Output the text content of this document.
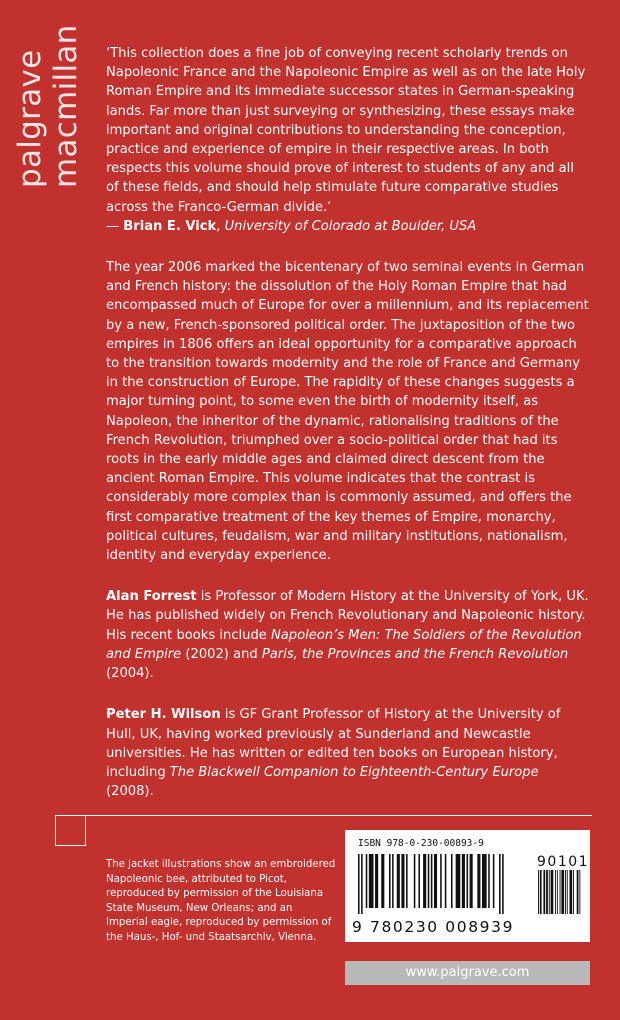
palgrave macmillan ‘This collection does a fine job of conveying recent scholarly trends on Napoleonic France and the Napoleonic Empire as well as on the late Holy Roman Empire and its immediate successor states in German-speaking lands. Far more than just surveying or synthesizing, these essays make important and original contributions to understanding the conception, practice and experience of empire in their respective areas. In both respects this volume should prove of interest to students of any and all of these fields, and should help stimulate future comparative studies across the Franco-German divide.’

— Brian E. Vick, University of Colorado at Boulder, USA

The year 2006 marked the bicentenary of two seminal events in German and French history: the dissolution of the Holy Roman Empire that had encompassed much of Europe for over a millennium, and its replacement by a new, French-sponsored political order. The juxtaposition of the two empires in 1806 offers an ideal opportunity for a comparative approach to the transition towards modernity and the role of France and Germany in the construction of Europe. The rapidity of these changes suggests a major turning point, to some even the birth of modernity itself, as Napoleon, the inheritor of the dynamic, rationalising traditions of the French Revolution, triumphed over a socio-political order that had its roots in the early middle ages and claimed direct descent from the ancient Roman Empire. This volume indicates that the contrast is considerably more complex than is commonly assumed, and offers the first comparative treatment of the key themes of Empire, monarchy, political cultures, feudalism, war and military institutions, nationalism, identity and everyday experience.

Alan Forrest is Professor of Modern History at the University of York, UK. He has published widely on French Revolutionary and Napoleonic history. His recent books include Napoleon’s Men: The Soldiers of the Revolution and Empire (2002) and Paris, the Provinces and the French Revolution (2004).

Peter H. Wilson is GF Grant Professor of History at the University of Hull, UK, having worked previously at Sunderland and Newcastle universities. He has written or edited ten books on European history, including The Blackwell Companion to Eighteenth-Century Europe (2008).

The jacket illustrations show an embroidered Napoleonic bee, attributed to Picot, reproduced by permission of the Louisiana State Museum, New Orleans; and an Imperial eagle, reproduced by permission of the Haus-, Hof- und Staatsarchiv, Vienna.
ISBN 978-0-230-00893-9
90101
9 780230 008939
www.palgrave.com
